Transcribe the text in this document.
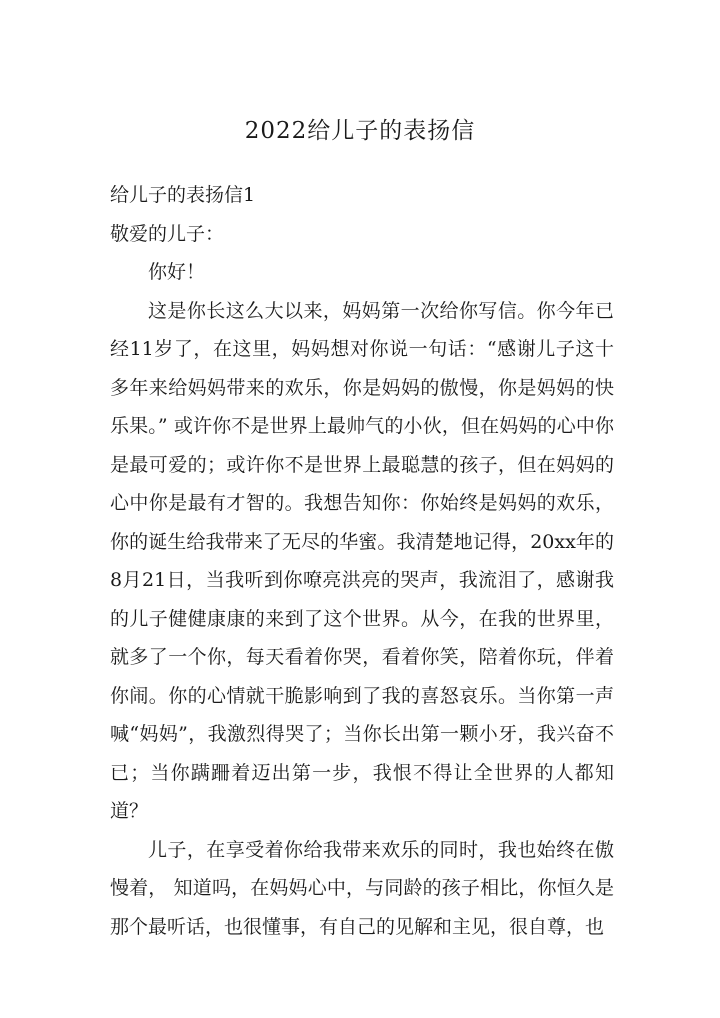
2022给儿子的表扬信

给儿子的表扬信1

敬爱的儿子：

你好！

这是你长这么大以来，妈妈第一次给你写信。你今年已经11岁了，在这里，妈妈想对你说一句话：“感谢儿子这十多年来给妈妈带来的欢乐，你是妈妈的傲慢，你是妈妈的快乐果。” 或许你不是世界上最帅气的小伙，但在妈妈的心中你是最可爱的；或许你不是世界上最聪慧的孩子，但在妈妈的心中你是最有才智的。我想告知你：你始终是妈妈的欢乐，你的诞生给我带来了无尽的华蜜。我清楚地记得，20xx年的8月21日，当我听到你嘹亮洪亮的哭声，我流泪了，感谢我的儿子健健康康的来到了这个世界。从今，在我的世界里，就多了一个你，每天看着你哭，看着你笑，陪着你玩，伴着你闹。你的心情就干脆影响到了我的喜怒哀乐。当你第一声喊“妈妈”，我激烈得哭了；当你长出第一颗小牙，我兴奋不已；当你蹒跚着迈出第一步，我恨不得让全世界的人都知道？

儿子，在享受着你给我带来欢乐的同时，我也始终在傲慢着， 知道吗，在妈妈心中，与同龄的孩子相比，你恒久是那个最听话，也很懂事，有自己的见解和主见，很自尊，也
